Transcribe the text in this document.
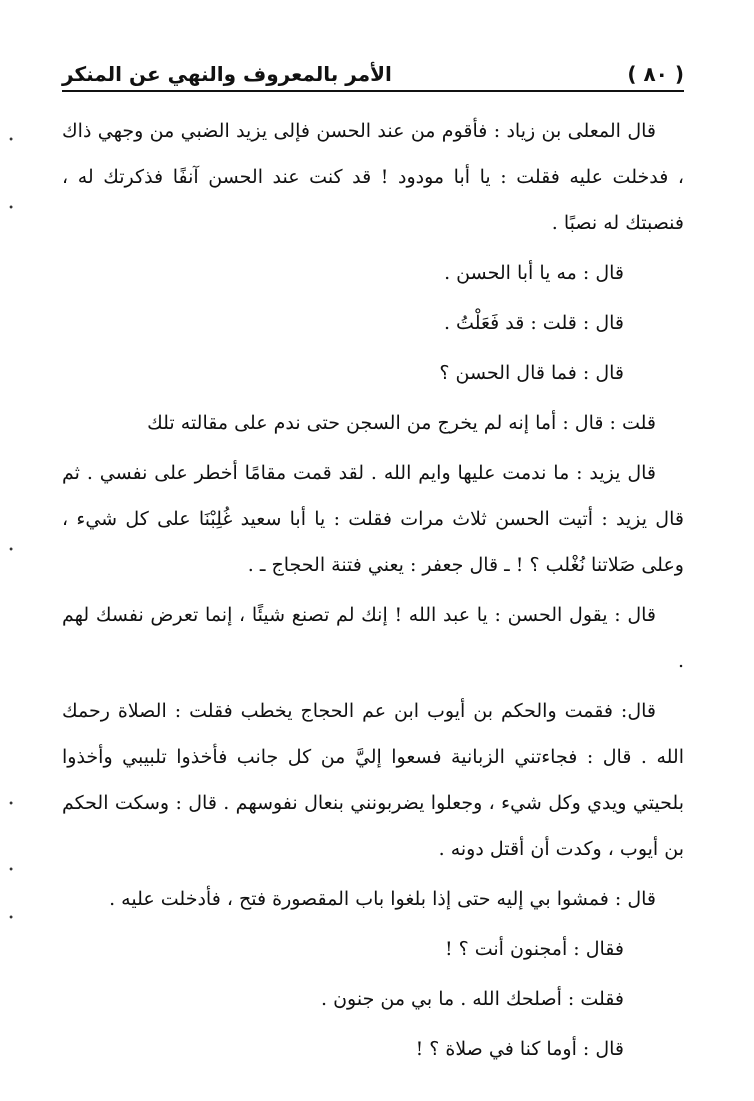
( ٨٠ )
الأمر بالمعروف والنهي عن المنكر

قال المعلى بن زياد : فأقوم من عند الحسن فإلى يزيد الضبي من وجهي ذاك ، فدخلت عليه فقلت : يا أبا مودود ! قد كنت عند الحسن آنفًا فذكرتك له ، فنصبتك له نصبًا .

قال : مه يا أبا الحسن .

قال : قلت : قد فَعَلْتُ .

قال : فما قال الحسن ؟

قلت : قال : أما إنه لم يخرج من السجن حتى ندم على مقالته تلك

قال يزيد : ما ندمت عليها وايم الله . لقد قمت مقامًا أخطر على نفسي . ثم قال يزيد : أتيت الحسن ثلاث مرات فقلت : يا أبا سعيد غُلِبْنَا على كل شيء ، وعلى صَلاتنا نُغْلب ؟ ! ـ قال جعفر : يعني فتنة الحجاج ـ .

قال : يقول الحسن : يا عبد الله ! إنك لم تصنع شيئًا ، إنما تعرض نفسك لهم .

قال: فقمت والحكم بن أيوب ابن عم الحجاج يخطب فقلت : الصلاة رحمك الله . قال : فجاءتني الزبانية فسعوا إليَّ من كل جانب فأخذوا تلبيبي وأخذوا بلحيتي ويدي وكل شيء ، وجعلوا يضربونني بنعال نفوسهم . قال : وسكت الحكم بن أيوب ، وكدت أن أقتل دونه .

قال : فمشوا بي إليه حتى إذا بلغوا باب المقصورة فتح ، فأدخلت عليه .

فقال : أمجنون أنت ؟ !

فقلت : أصلحك الله . ما بي من جنون .

قال : أوما كنا في صلاة ؟ !

•
•
•
•
•
•
